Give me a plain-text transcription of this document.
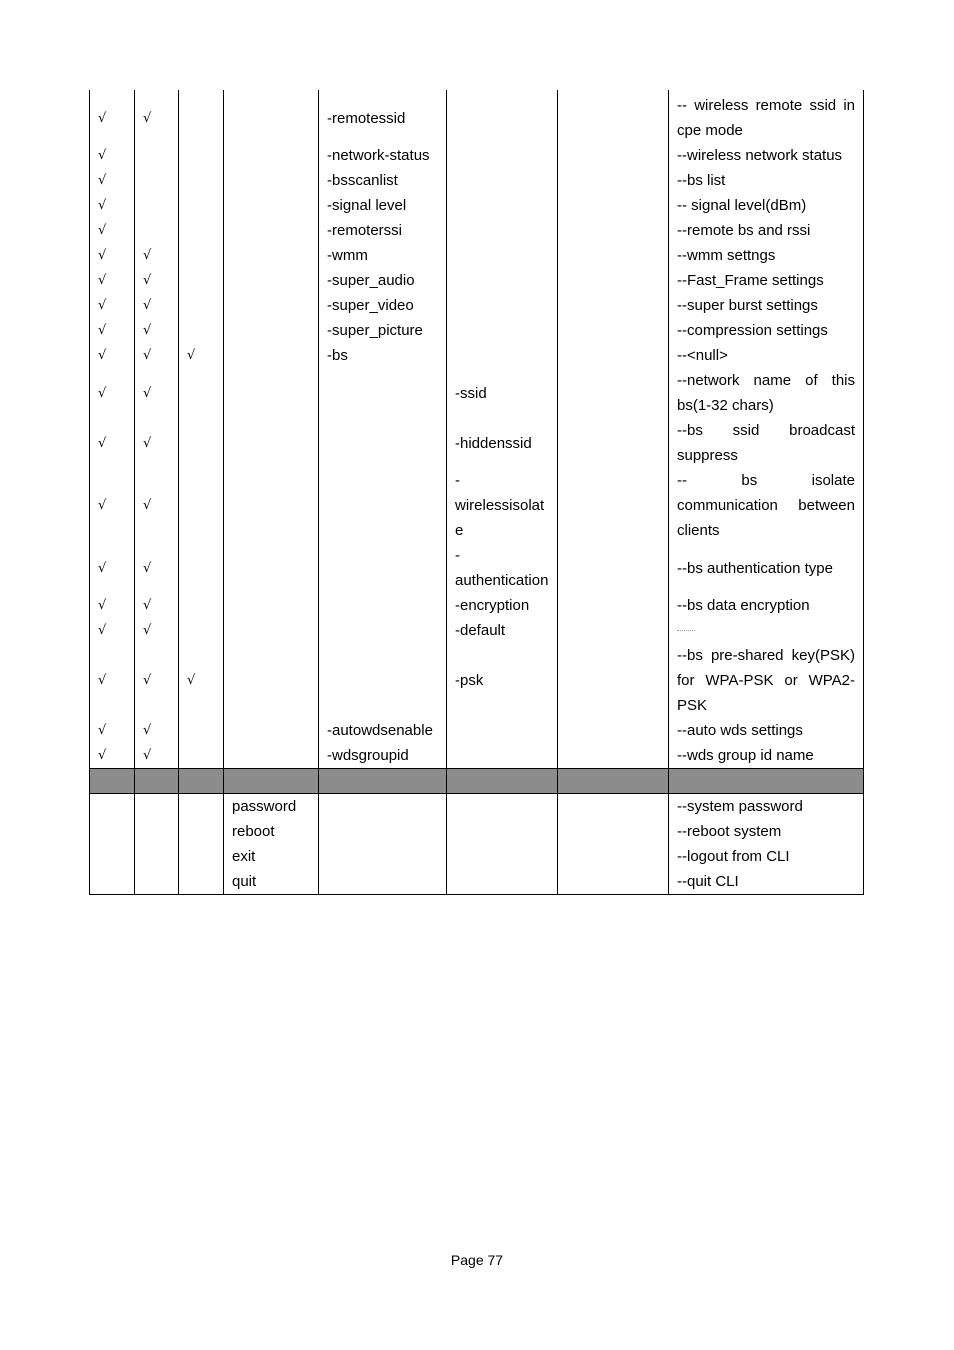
√	√			-remotessid			-- wireless remote ssid in cpe mode
√				-network-status			--wireless network status
√				-bsscanlist			--bs list
√				-signal level			-- signal level(dBm)
√				-remoterssi			--remote bs and rssi
√	√			-wmm			--wmm settngs
√	√			-super_audio			--Fast_Frame settings
√	√			-super_video			--super burst settings
√	√			-super_picture			--compression settings
√	√	√		-bs			--<null>
√	√				-ssid		--network name of this bs(1-32 chars)
√	√				-hiddenssid		--bs ssid broadcast suppress
√	√				-wirelessisolate		-- bs isolate communication between clients
√	√				-authentication		--bs authentication type
√	√				-encryption		--bs data encryption
√	√				-default		

√	√	√			-psk		--bs pre-shared key(PSK) for WPA-PSK or WPA2-PSK
√	√			-autowdsenable			--auto wds settings
√	√			-wdsgroupid			--wds group id name

			password				--system password
			reboot				--reboot system
			exit				--logout from CLI
			quit				--quit CLI
Page 77
